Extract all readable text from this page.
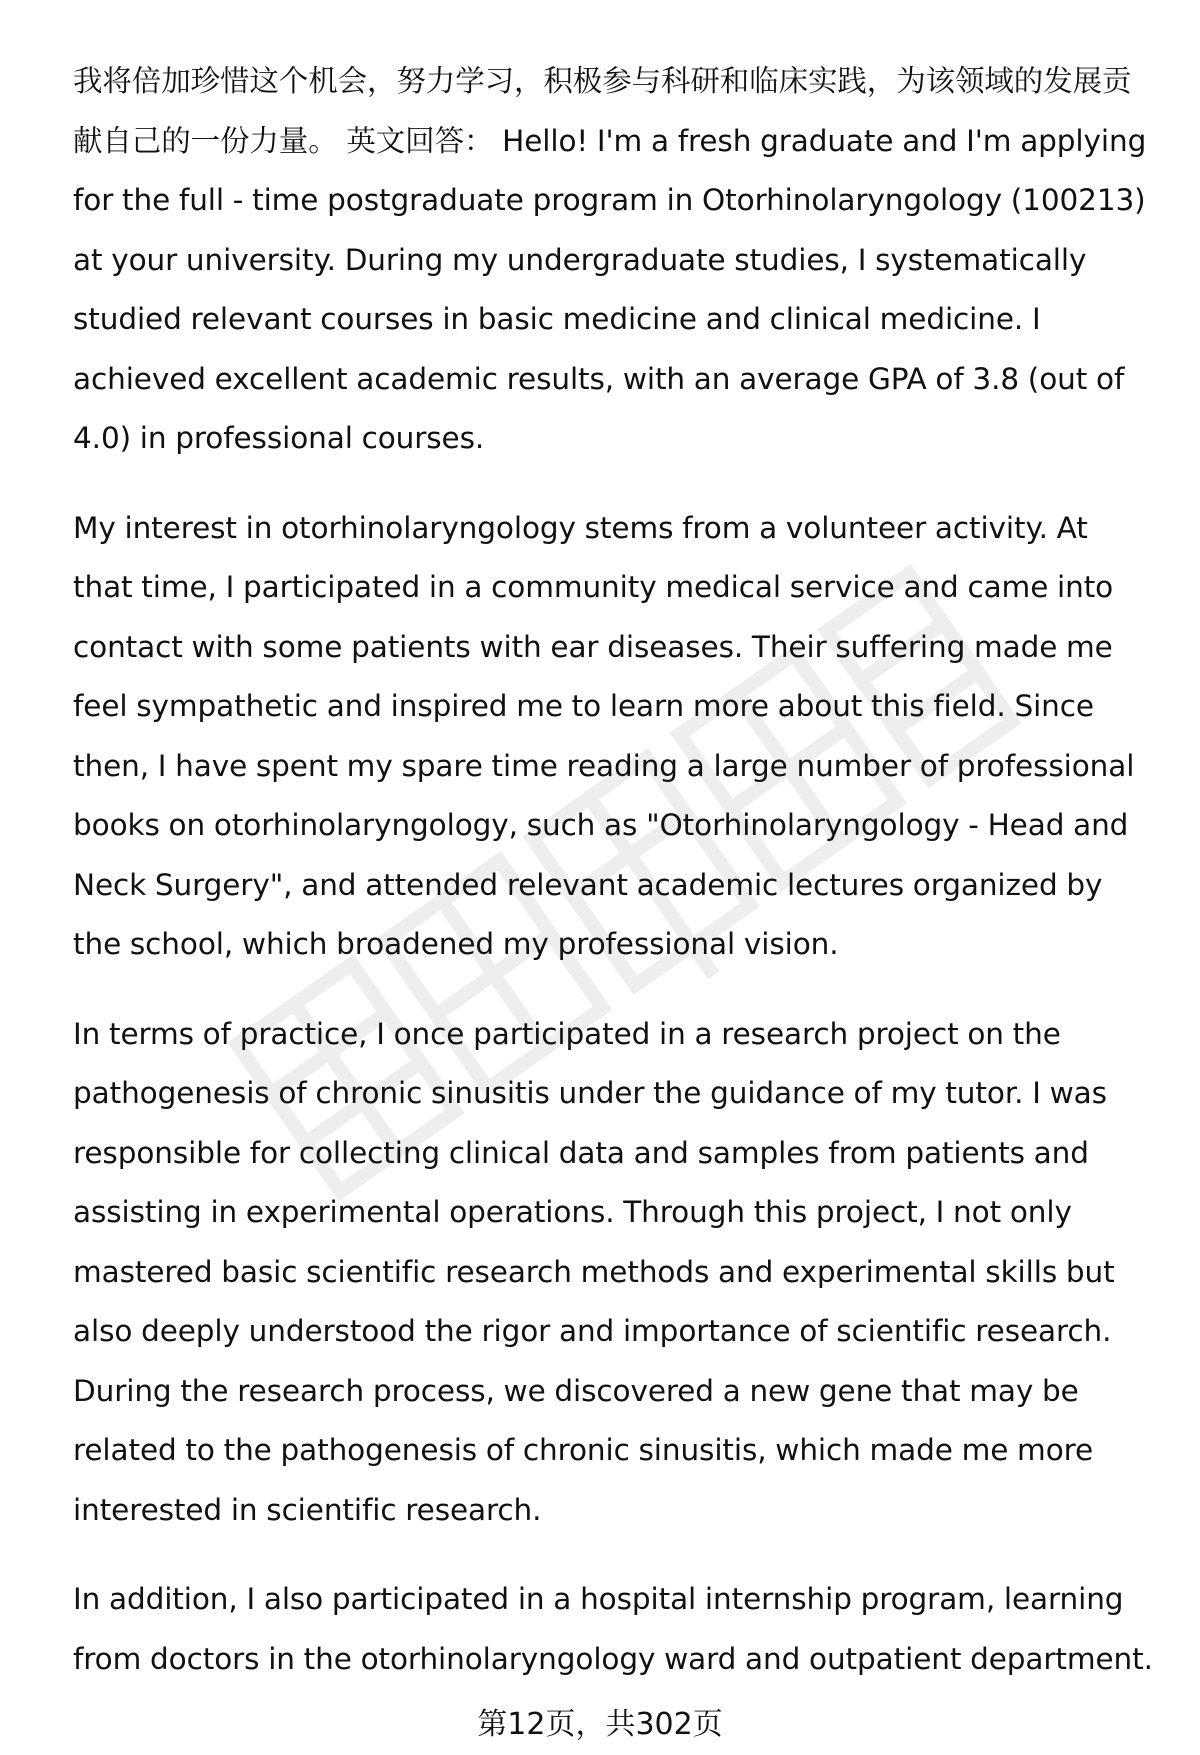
我将倍加珍惜这个机会，努力学习，积极参与科研和临床实践，为该领域的发展贡献自己的一份力量。 英文回答： Hello! I'm a fresh graduate and I'm applying for the full - time postgraduate program in Otorhinolaryngology (100213) at your university. During my undergraduate studies, I systematically studied relevant courses in basic medicine and clinical medicine. I achieved excellent academic results, with an average GPA of 3.8 (out of 4.0) in professional courses.

My interest in otorhinolaryngology stems from a volunteer activity. At that time, I participated in a community medical service and came into contact with some patients with ear diseases. Their suffering made me feel sympathetic and inspired me to learn more about this field. Since then, I have spent my spare time reading a large number of professional books on otorhinolaryngology, such as "Otorhinolaryngology - Head and Neck Surgery", and attended relevant academic lectures organized by the school, which broadened my professional vision.

In terms of practice, I once participated in a research project on the pathogenesis of chronic sinusitis under the guidance of my tutor. I was responsible for collecting clinical data and samples from patients and assisting in experimental operations. Through this project, I not only mastered basic scientific research methods and experimental skills but also deeply understood the rigor and importance of scientific research. During the research process, we discovered a new gene that may be related to the pathogenesis of chronic sinusitis, which made me more interested in scientific research.

In addition, I also participated in a hospital internship program, learning from doctors in the otorhinolaryngology ward and outpatient department.

第12页，共302页
